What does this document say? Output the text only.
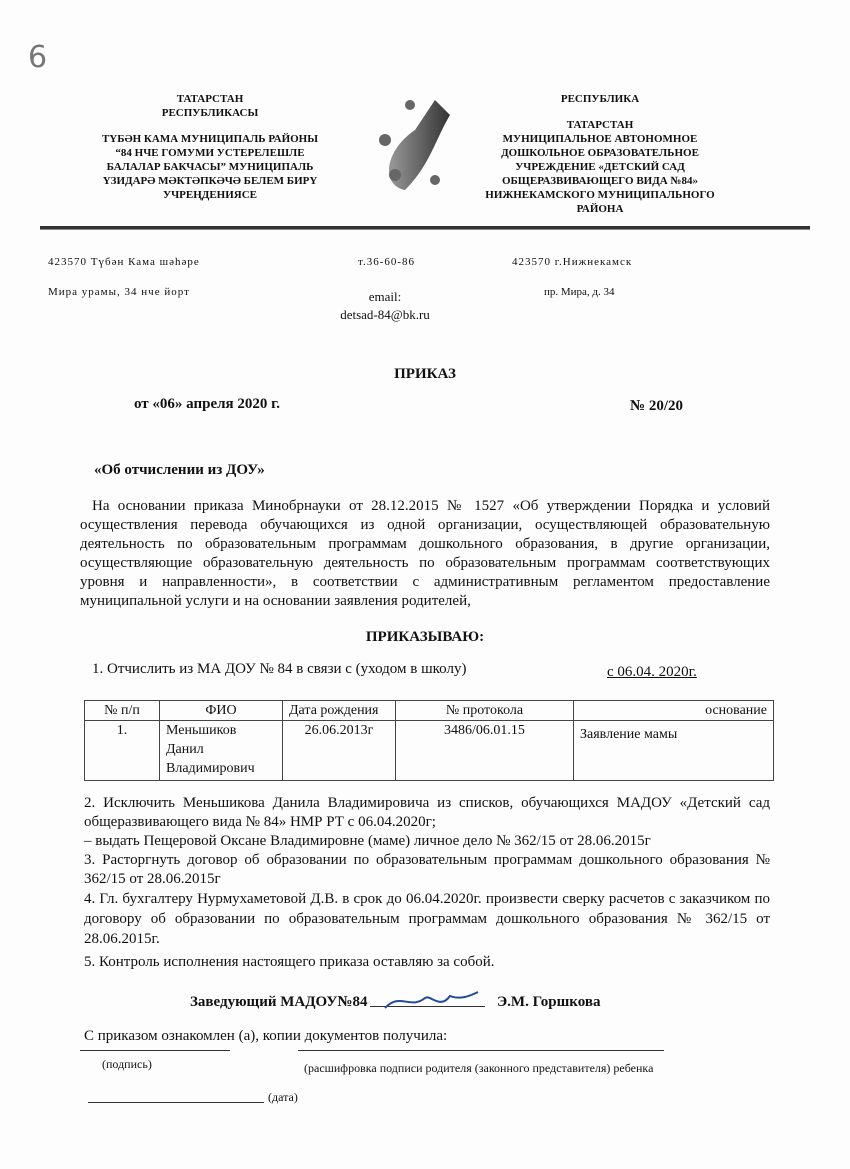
6
ТАТАРСТАН
РЕСПУБЛИКАСЫ
ТҮБӘН КАМА МУНИЦИПАЛЬ РАЙОНЫ
“84 НЧЕ ГОМУМИ УСТЕРЕЛЕШЛЕ
БАЛАЛАР БАКЧАСЫ” МУНИЦИПАЛЬ
ҮЗИДАРӘ МӘКТӘПКӘЧӘ БЕЛЕМ БИРҮ
УЧРЕҢДЕНИЯСЕ
РЕСПУБЛИКА
ТАТАРСТАН
МУНИЦИПАЛЬНОЕ АВТОНОМНОЕ
ДОШКОЛЬНОЕ ОБРАЗОВАТЕЛЬНОЕ
УЧРЕЖДЕНИЕ «ДЕТСКИЙ САД
ОБЩЕРАЗВИВАЮЩЕГО ВИДА №84»
НИЖНЕКАМСКОГО МУНИЦИПАЛЬНОГО
РАЙОНА
423570 Түбән Кама шәһәре
Мира урамы, 34 нче йорт
т.36-60-86
email:
detsad-84@bk.ru
423570 г.Нижнекамск
пр. Мира, д. 34
ПРИКАЗ
от «06» апреля 2020 г.	№ 20/20
«Об отчислении из ДОУ»
На основании приказа Минобрнауки от 28.12.2015 № 1527 «Об утверждении Порядка и условий осуществления перевода обучающихся из одной организации, осуществляющей образовательную деятельность по образовательным программам дошкольного образования, в другие организации, осуществляющие образовательную деятельность по образовательным программам соответствующих уровня и направленности», в соответствии с административным регламентом предоставление муниципальной услуги и на основании заявления родителей,
ПРИКАЗЫВАЮ:
1. Отчислить из МА ДОУ № 84 в связи с (уходом в школу)	с 06.04. 2020г.
№ п/п	ФИО	Дата рождения	№ протокола	основание
1.	Меньшиков Данил Владимирович	26.06.2013г	3486/06.01.15	Заявление мамы
2. Исключить Меньшикова Данила Владимировича из списков, обучающихся МАДОУ «Детский сад общеразвивающего вида № 84» НМР РТ с 06.04.2020г;
– выдать Пещеровой Оксане Владимировне (маме) личное дело № 362/15 от 28.06.2015г
3. Расторгнуть договор об образовании по образовательным программам дошкольного образования № 362/15 от 28.06.2015г
4. Гл. бухгалтеру Нурмухаметовой Д.В. в срок до 06.04.2020г. произвести сверку расчетов с заказчиком по договору об образовании по образовательным программам дошкольного образования № 362/15 от 28.06.2015г.
5. Контроль исполнения настоящего приказа оставляю за собой.
Заведующий МАДОУ№84	Э.М. Горшкова
С приказом ознакомлен (а), копии документов получила:
(подпись)	(расшифровка подписи родителя (законного представителя) ребенка
(дата)
